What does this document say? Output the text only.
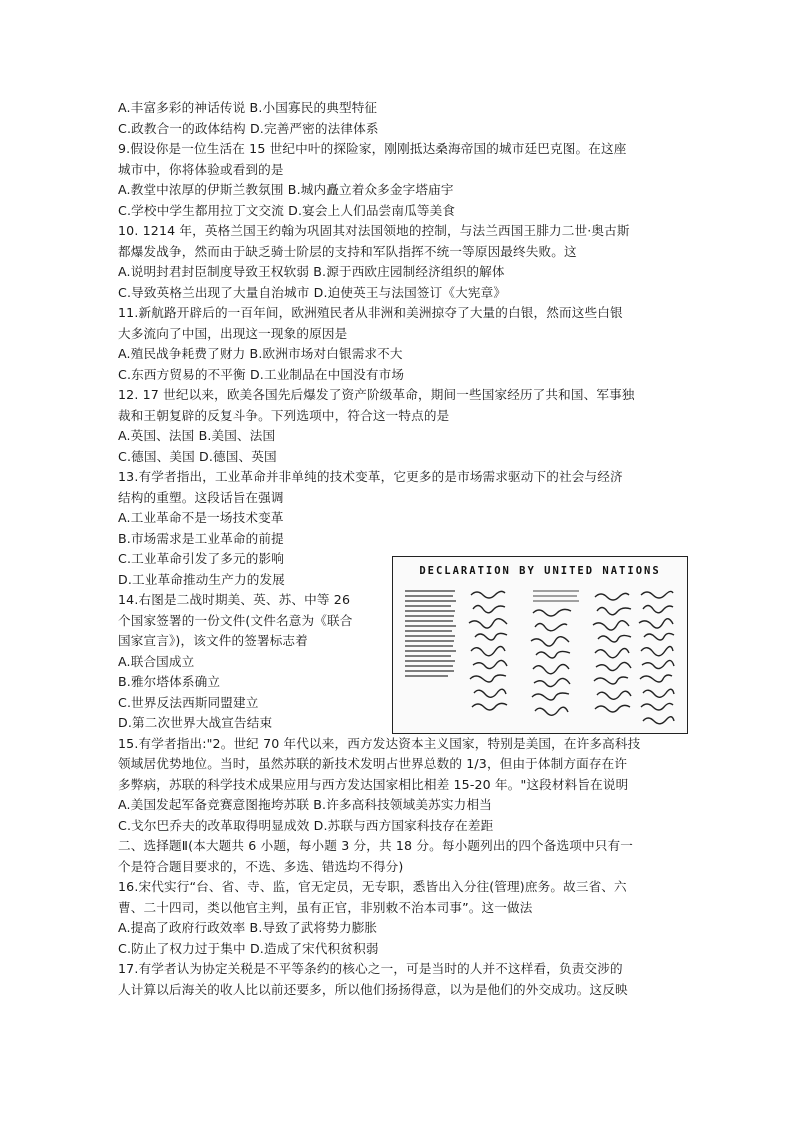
A.丰富多彩的神话传说 B.小国寡民的典型特征
C.政教合一的政体结构 D.完善严密的法律体系
9.假设你是一位生活在 15 世纪中叶的探险家，刚刚抵达桑海帝国的城市廷巴克图。在这座
城市中，你将体验或看到的是
A.教堂中浓厚的伊斯兰教氛围 B.城内矗立着众多金字塔庙宇
C.学校中学生都用拉丁文交流 D.宴会上人们品尝南瓜等美食
10. 1214 年，英格兰国王约翰为巩固其对法国领地的控制，与法兰西国王腓力二世·奥古斯
都爆发战争，然而由于缺乏骑士阶层的支持和军队指挥不统一等原因最终失败。这
A.说明封君封臣制度导致王权软弱 B.源于西欧庄园制经济组织的解体
C.导致英格兰出现了大量自治城市 D.迫使英王与法国签订《大宪章》
11.新航路开辟后的一百年间，欧洲殖民者从非洲和美洲掠夺了大量的白银，然而这些白银
大多流向了中国，出现这一现象的原因是
A.殖民战争耗费了财力 B.欧洲市场对白银需求不大
C.东西方贸易的不平衡 D.工业制品在中国没有市场
12. 17 世纪以来，欧美各国先后爆发了资产阶级革命，期间一些国家经历了共和国、军事独
裁和王朝复辟的反复斗争。下列选项中，符合这一特点的是
A.英国、法国 B.美国、法国
C.德国、美国 D.德国、英国
13.有学者指出，工业革命并非单纯的技术变革，它更多的是市场需求驱动下的社会与经济
结构的重塑。这段话旨在强调
A.工业革命不是一场技术变革
B.市场需求是工业革命的前提
C.工业革命引发了多元的影响
D.工业革命推动生产力的发展
14.右图是二战时期美、英、苏、中等 26
个国家签署的一份文件(文件名意为《联合
国家宣言》)，该文件的签署标志着
A.联合国成立
B.雅尔塔体系确立
C.世界反法西斯同盟建立
D.第二次世界大战宣告结束
15.有学者指出:"2。世纪 70 年代以来，西方发达资本主义国家，特别是美国，在许多高科技
领域居优势地位。当时，虽然苏联的新技术发明占世界总数的 1/3，但由于体制方面存在许
多弊病，苏联的科学技术成果应用与西方发达国家相比相差 15-20 年。"这段材料旨在说明
A.美国发起军备竞赛意图拖垮苏联 B.许多高科技领域美苏实力相当
C.戈尔巴乔夫的改革取得明显成效 D.苏联与西方国家科技存在差距
二、选择题Ⅱ(本大题共 6 小题，每小题 3 分，共 18 分。每小题列出的四个备选项中只有一
个是符合题目要求的，不选、多选、错选均不得分)
16.宋代实行“台、省、寺、监，官无定员，无专职，悉皆出入分往(管理)庶务。故三省、六
曹、二十四司，类以他官主判，虽有正官，非别敕不治本司事”。这一做法
A.提高了政府行政效率 B.导致了武将势力膨胀
C.防止了权力过于集中 D.造成了宋代积贫积弱
17.有学者认为协定关税是不平等条约的核心之一，可是当时的人并不这样看，负责交涉的
人计算以后海关的收人比以前还要多，所以他们扬扬得意，以为是他们的外交成功。这反映
DECLARATION BY UNITED NATIONS
